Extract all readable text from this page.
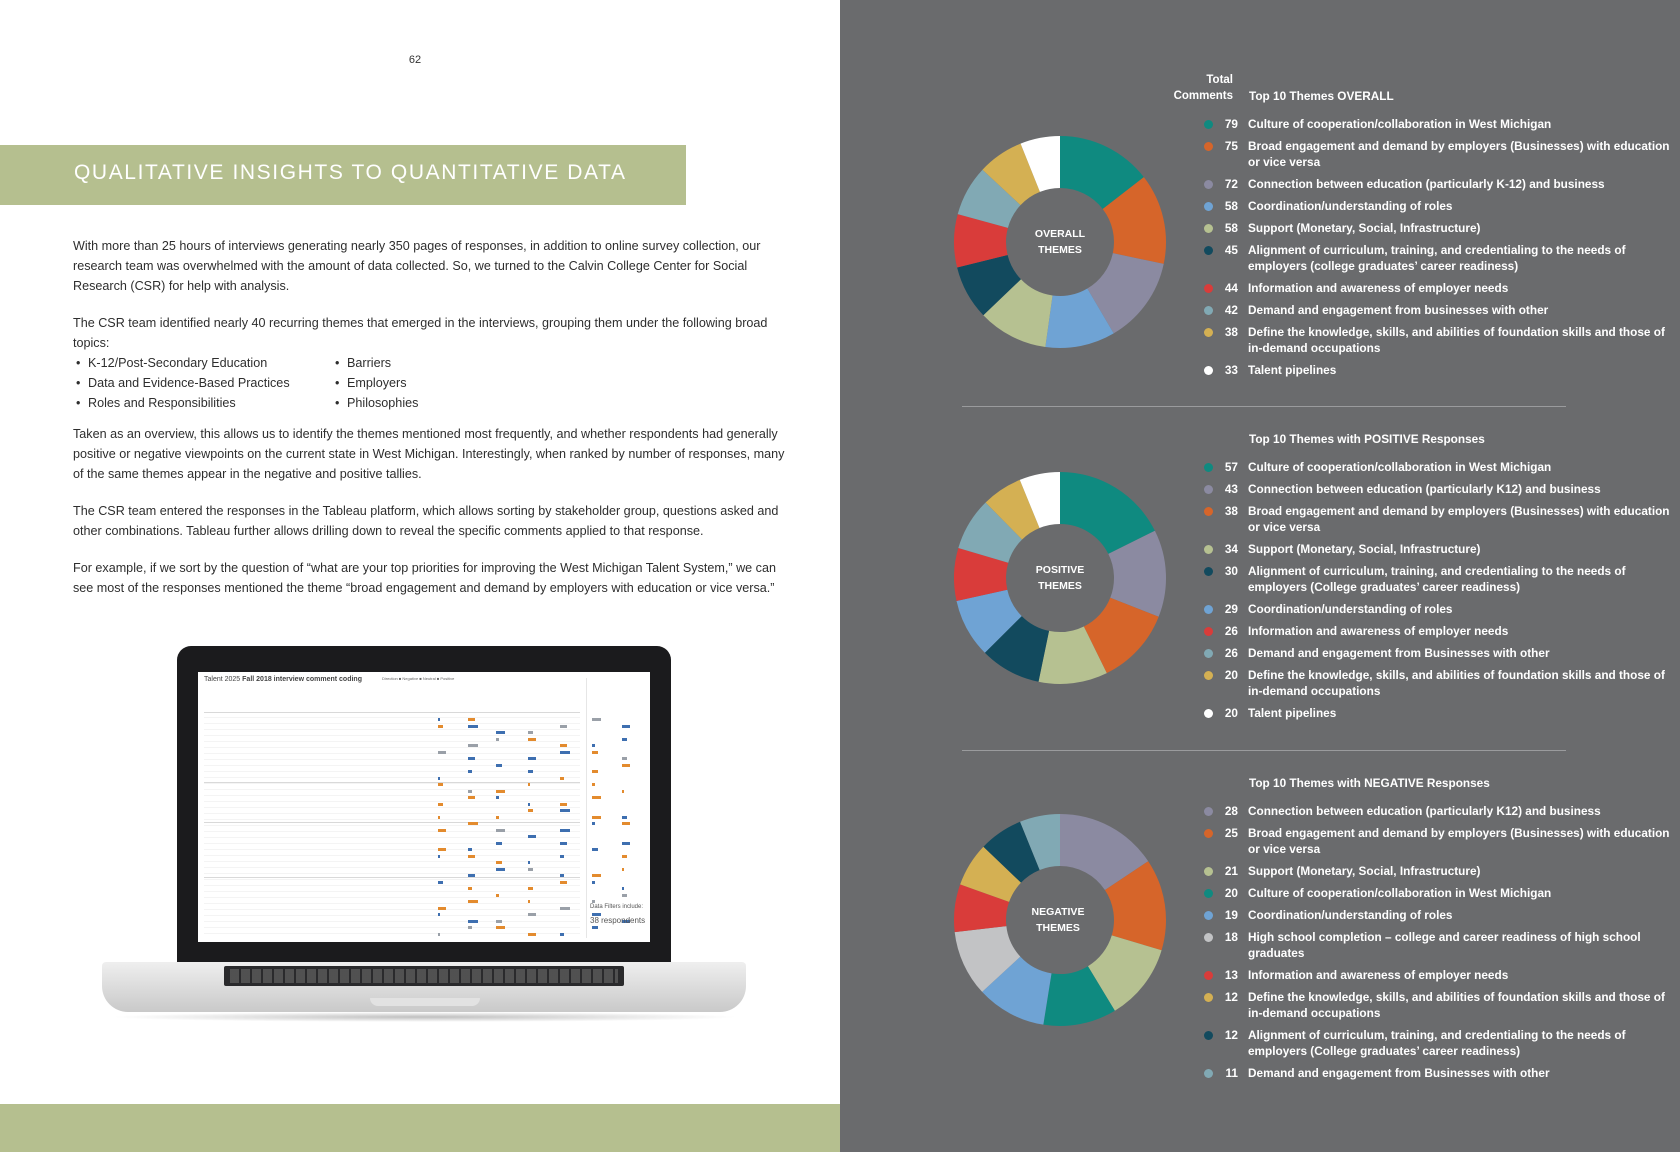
62
QUALITATIVE INSIGHTS TO QUANTITATIVE DATA

With more than 25 hours of interviews generating nearly 350 pages of responses, in addition to online survey collection, our research team was overwhelmed with the amount of data collected. So, we turned to the Calvin College Center for Social Research (CSR) for help with analysis.

The CSR team identified nearly 40 recurring themes that emerged in the interviews, grouping them under the following broad topics:

• K-12/Post-Secondary Education	• Barriers
• Data and Evidence-Based Practices	• Employers
• Roles and Responsibilities	• Philosophies

Taken as an overview, this allows us to identify the themes mentioned most frequently, and whether respondents had generally positive or negative viewpoints on the current state in West Michigan. Interestingly, when ranked by number of responses, many of the same themes appear in the negative and positive tallies.

The CSR team entered the responses in the Tableau platform, which allows sorting by stakeholder group, questions asked and other combinations. Tableau further allows drilling down to reveal the specific comments applied to that response.

For example, if we sort by the question of “what are your top priorities for improving the West Michigan Talent System,” we can see most of the responses mentioned the theme “broad engagement and demand by employers with education or vice versa.”

Talent 2025 Fall 2018 interview comment coding	Direction ■ Negative ■ Neutral ■ Positive
Data Filters include:
38 respondents
Total Comments Top 10 Themes OVERALL
OVERALL THEMES
79 Culture of cooperation/collaboration in West Michigan
75 Broad engagement and demand by employers (Businesses) with education or vice versa
72 Connection between education (particularly K-12) and business
58 Coordination/understanding of roles
58 Support (Monetary, Social, Infrastructure)
45 Alignment of curriculum, training, and credentialing to the needs of employers (college graduates’ career readiness)
44 Information and awareness of employer needs
42 Demand and engagement from businesses with other
38 Define the knowledge, skills, and abilities of foundation skills and those of in-demand occupations
33 Talent pipelines
Top 10 Themes with POSITIVE Responses
POSITIVE THEMES
57 Culture of cooperation/collaboration in West Michigan
43 Connection between education (particularly K12) and business
38 Broad engagement and demand by employers (Businesses) with education or vice versa
34 Support (Monetary, Social, Infrastructure)
30 Alignment of curriculum, training, and credentialing to the needs of employers (College graduates’ career readiness)
29 Coordination/understanding of roles
26 Information and awareness of employer needs
26 Demand and engagement from Businesses with other
20 Define the knowledge, skills, and abilities of foundation skills and those of in-demand occupations
20 Talent pipelines
Top 10 Themes with NEGATIVE Responses
NEGATIVE THEMES
28 Connection between education (particularly K12) and business
25 Broad engagement and demand by employers (Businesses) with education or vice versa
21 Support (Monetary, Social, Infrastructure)
20 Culture of cooperation/collaboration in West Michigan
19 Coordination/understanding of roles
18 High school completion – college and career readiness of high school graduates
13 Information and awareness of employer needs
12 Define the knowledge, skills, and abilities of foundation skills and those of in-demand occupations
12 Alignment of curriculum, training, and credentialing to the needs of employers (College graduates’ career readiness)
11 Demand and engagement from Businesses with other
